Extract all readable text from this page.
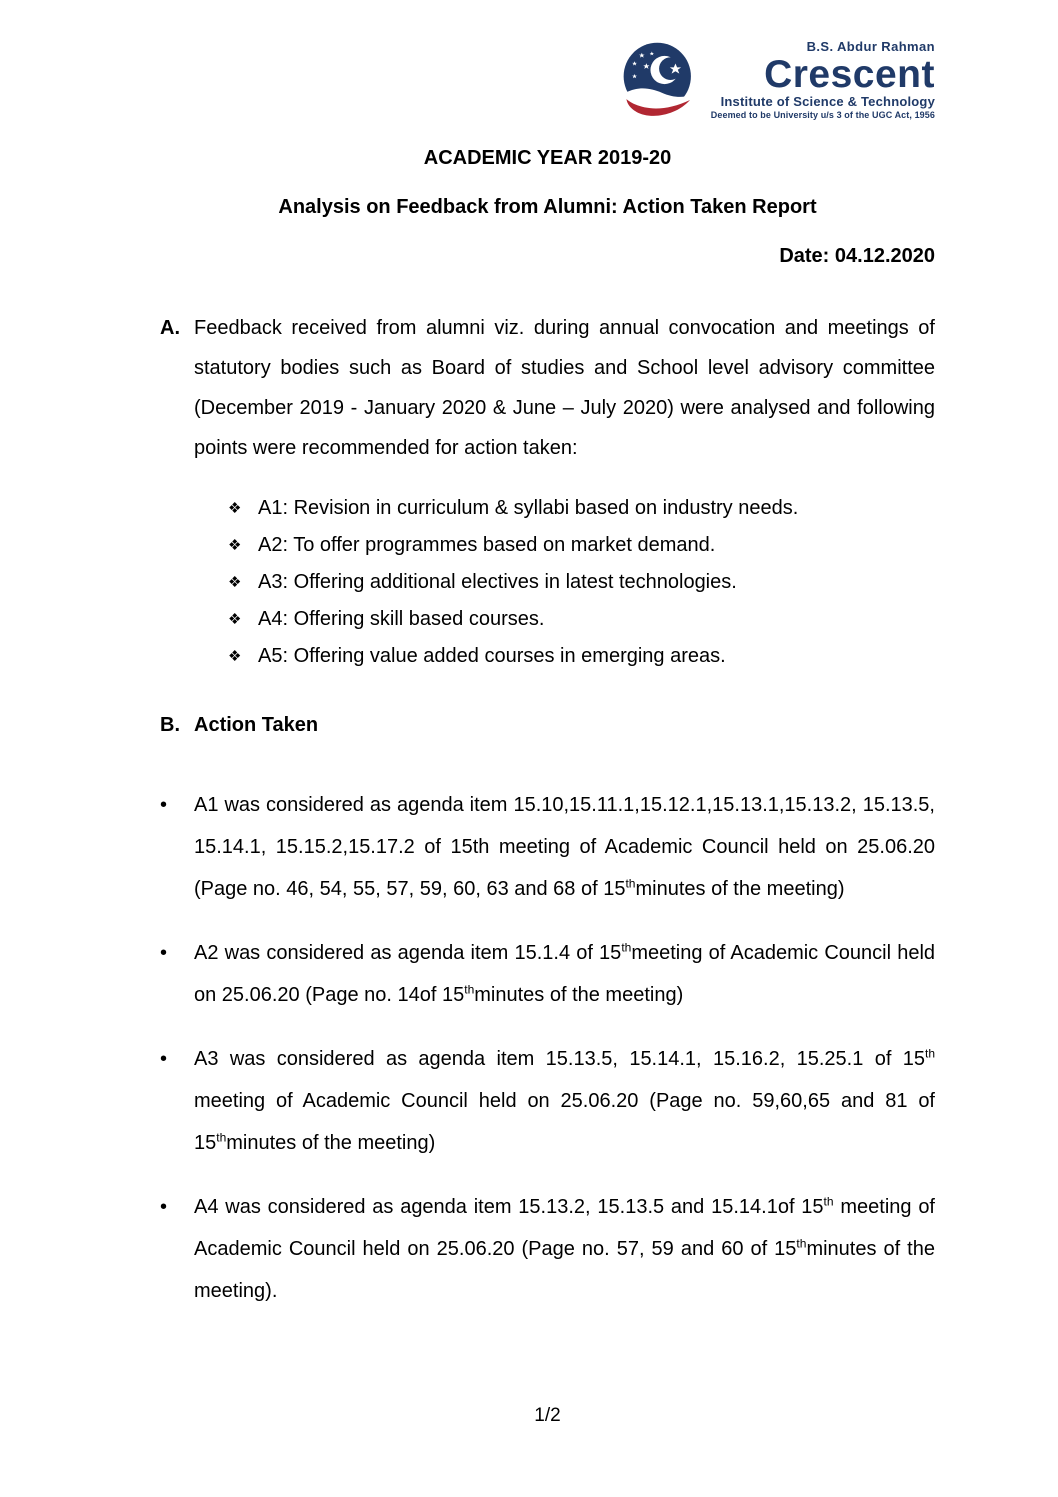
B.S. Abdur Rahman
Crescent
Institute of Science & Technology
Deemed to be University u/s 3 of the UGC Act, 1956
ACADEMIC YEAR 2019-20
Analysis on Feedback from Alumni: Action Taken Report
Date: 04.12.2020
A. Feedback received from alumni viz. during annual convocation and meetings of statutory bodies such as Board of studies and School level advisory committee (December 2019 - January 2020 & June – July 2020) were analysed and following points were recommended for action taken:
❖ A1: Revision in curriculum & syllabi based on industry needs.
❖ A2: To offer programmes based on market demand.
❖ A3: Offering additional electives in latest technologies.
❖ A4: Offering skill based courses.
❖ A5: Offering value added courses in emerging areas.
B. Action Taken
•	A1 was considered as agenda item 15.10,15.11.1,15.12.1,15.13.1,15.13.2, 15.13.5, 15.14.1, 15.15.2,15.17.2 of 15th meeting of Academic Council held on 25.06.20 (Page no. 46, 54, 55, 57, 59, 60, 63 and 68 of 15thminutes of the meeting)
•	A2 was considered as agenda item 15.1.4 of 15thmeeting of Academic Council held on 25.06.20 (Page no. 14of 15thminutes of the meeting)
•	A3 was considered as agenda item 15.13.5, 15.14.1, 15.16.2, 15.25.1 of 15th meeting of Academic Council held on 25.06.20 (Page no. 59,60,65 and 81 of 15thminutes of the meeting)
•	A4 was considered as agenda item 15.13.2, 15.13.5 and 15.14.1of 15th meeting of Academic Council held on 25.06.20 (Page no. 57, 59 and 60 of 15thminutes of the meeting).
1/2
